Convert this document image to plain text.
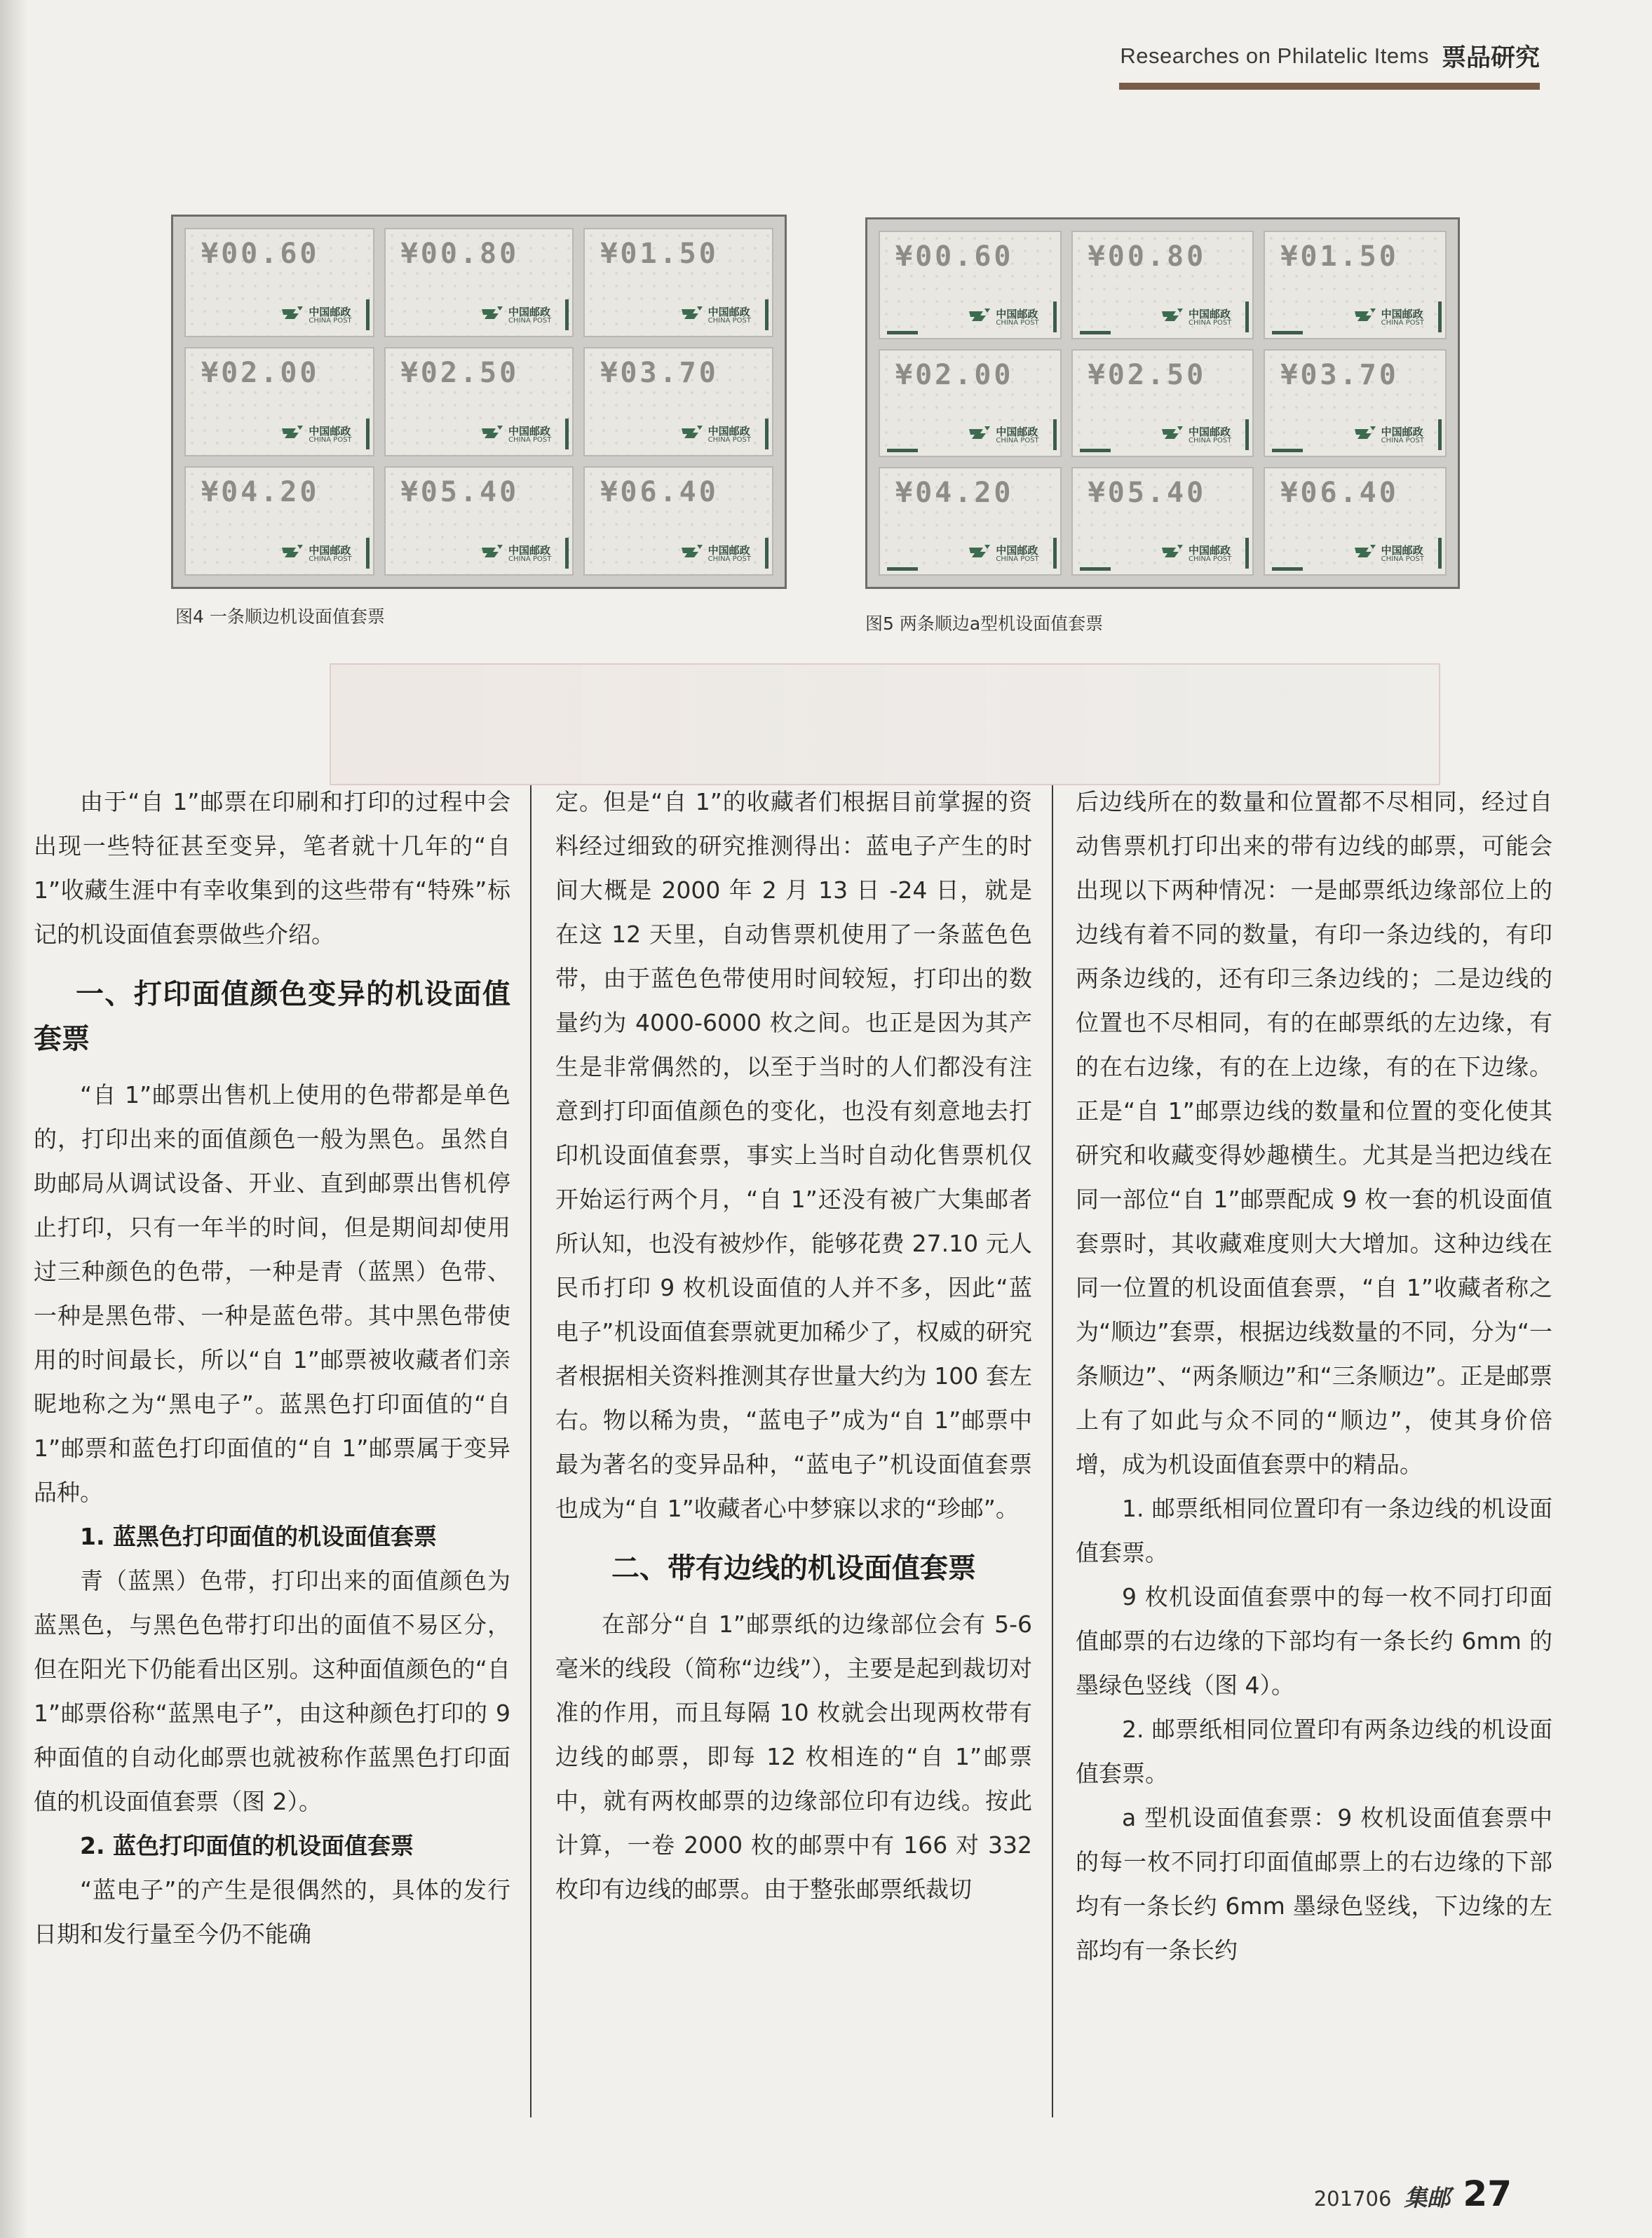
Researches on Philatelic Items 票品研究
¥00.60
中国邮政
CHINA POST
¥00.80
中国邮政
CHINA POST
¥01.50
中国邮政
CHINA POST
¥02.00
中国邮政
CHINA POST
¥02.50
中国邮政
CHINA POST
¥03.70
中国邮政
CHINA POST
¥04.20
中国邮政
CHINA POST
¥05.40
中国邮政
CHINA POST
¥06.40
中国邮政
CHINA POST
图4 一条顺边机设面值套票
¥00.60
中国邮政
CHINA POST
¥00.80
中国邮政
CHINA POST
¥01.50
中国邮政
CHINA POST
¥02.00
中国邮政
CHINA POST
¥02.50
中国邮政
CHINA POST
¥03.70
中国邮政
CHINA POST
¥04.20
中国邮政
CHINA POST
¥05.40
中国邮政
CHINA POST
¥06.40
中国邮政
CHINA POST
图5 两条顺边a型机设面值套票

由于“自 1”邮票在印刷和打印的过程中会出现一些特征甚至变异，笔者就十几年的“自 1”收藏生涯中有幸收集到的这些带有“特殊”标记的机设面值套票做些介绍。

一、打印面值颜色变异的机设面值套票

“自 1”邮票出售机上使用的色带都是单色的，打印出来的面值颜色一般为黑色。虽然自助邮局从调试设备、开业、直到邮票出售机停止打印，只有一年半的时间，但是期间却使用过三种颜色的色带，一种是青（蓝黑）色带、一种是黑色带、一种是蓝色带。其中黑色带使用的时间最长，所以“自 1”邮票被收藏者们亲昵地称之为“黑电子”。蓝黑色打印面值的“自 1”邮票和蓝色打印面值的“自 1”邮票属于变异品种。

1. 蓝黑色打印面值的机设面值套票

青（蓝黑）色带，打印出来的面值颜色为蓝黑色，与黑色色带打印出的面值不易区分，但在阳光下仍能看出区别。这种面值颜色的“自 1”邮票俗称“蓝黑电子”，由这种颜色打印的 9 种面值的自动化邮票也就被称作蓝黑色打印面值的机设面值套票（图 2）。

2. 蓝色打印面值的机设面值套票

“蓝电子”的产生是很偶然的，具体的发行日期和发行量至今仍不能确

定。但是“自 1”的收藏者们根据目前掌握的资料经过细致的研究推测得出：蓝电子产生的时间大概是 2000 年 2 月 13 日 -24 日，就是在这 12 天里，自动售票机使用了一条蓝色色带，由于蓝色色带使用时间较短，打印出的数量约为 4000-6000 枚之间。也正是因为其产生是非常偶然的，以至于当时的人们都没有注意到打印面值颜色的变化，也没有刻意地去打印机设面值套票，事实上当时自动化售票机仅开始运行两个月，“自 1”还没有被广大集邮者所认知，也没有被炒作，能够花费 27.10 元人民币打印 9 枚机设面值的人并不多，因此“蓝电子”机设面值套票就更加稀少了，权威的研究者根据相关资料推测其存世量大约为 100 套左右。物以稀为贵，“蓝电子”成为“自 1”邮票中最为著名的变异品种，“蓝电子”机设面值套票也成为“自 1”收藏者心中梦寐以求的“珍邮”。

二、带有边线的机设面值套票

在部分“自 1”邮票纸的边缘部位会有 5-6 毫米的线段（简称“边线”），主要是起到裁切对准的作用，而且每隔 10 枚就会出现两枚带有边线的邮票，即每 12 枚相连的“自 1”邮票中，就有两枚邮票的边缘部位印有边线。按此计算，一卷 2000 枚的邮票中有 166 对 332 枚印有边线的邮票。由于整张邮票纸裁切

后边线所在的数量和位置都不尽相同，经过自动售票机打印出来的带有边线的邮票，可能会出现以下两种情况：一是邮票纸边缘部位上的边线有着不同的数量，有印一条边线的，有印两条边线的，还有印三条边线的；二是边线的位置也不尽相同，有的在邮票纸的左边缘，有的在右边缘，有的在上边缘，有的在下边缘。正是“自 1”邮票边线的数量和位置的变化使其研究和收藏变得妙趣横生。尤其是当把边线在同一部位“自 1”邮票配成 9 枚一套的机设面值套票时，其收藏难度则大大增加。这种边线在同一位置的机设面值套票，“自 1”收藏者称之为“顺边”套票，根据边线数量的不同，分为“一条顺边”、“两条顺边”和“三条顺边”。正是邮票上有了如此与众不同的“顺边”，使其身价倍增，成为机设面值套票中的精品。

1. 邮票纸相同位置印有一条边线的机设面值套票。

9 枚机设面值套票中的每一枚不同打印面值邮票的右边缘的下部均有一条长约 6mm 的墨绿色竖线（图 4）。

2. 邮票纸相同位置印有两条边线的机设面值套票。

a 型机设面值套票：9 枚机设面值套票中的每一枚不同打印面值邮票上的右边缘的下部均有一条长约 6mm 墨绿色竖线，下边缘的左部均有一条长约

201706 集邮 27
